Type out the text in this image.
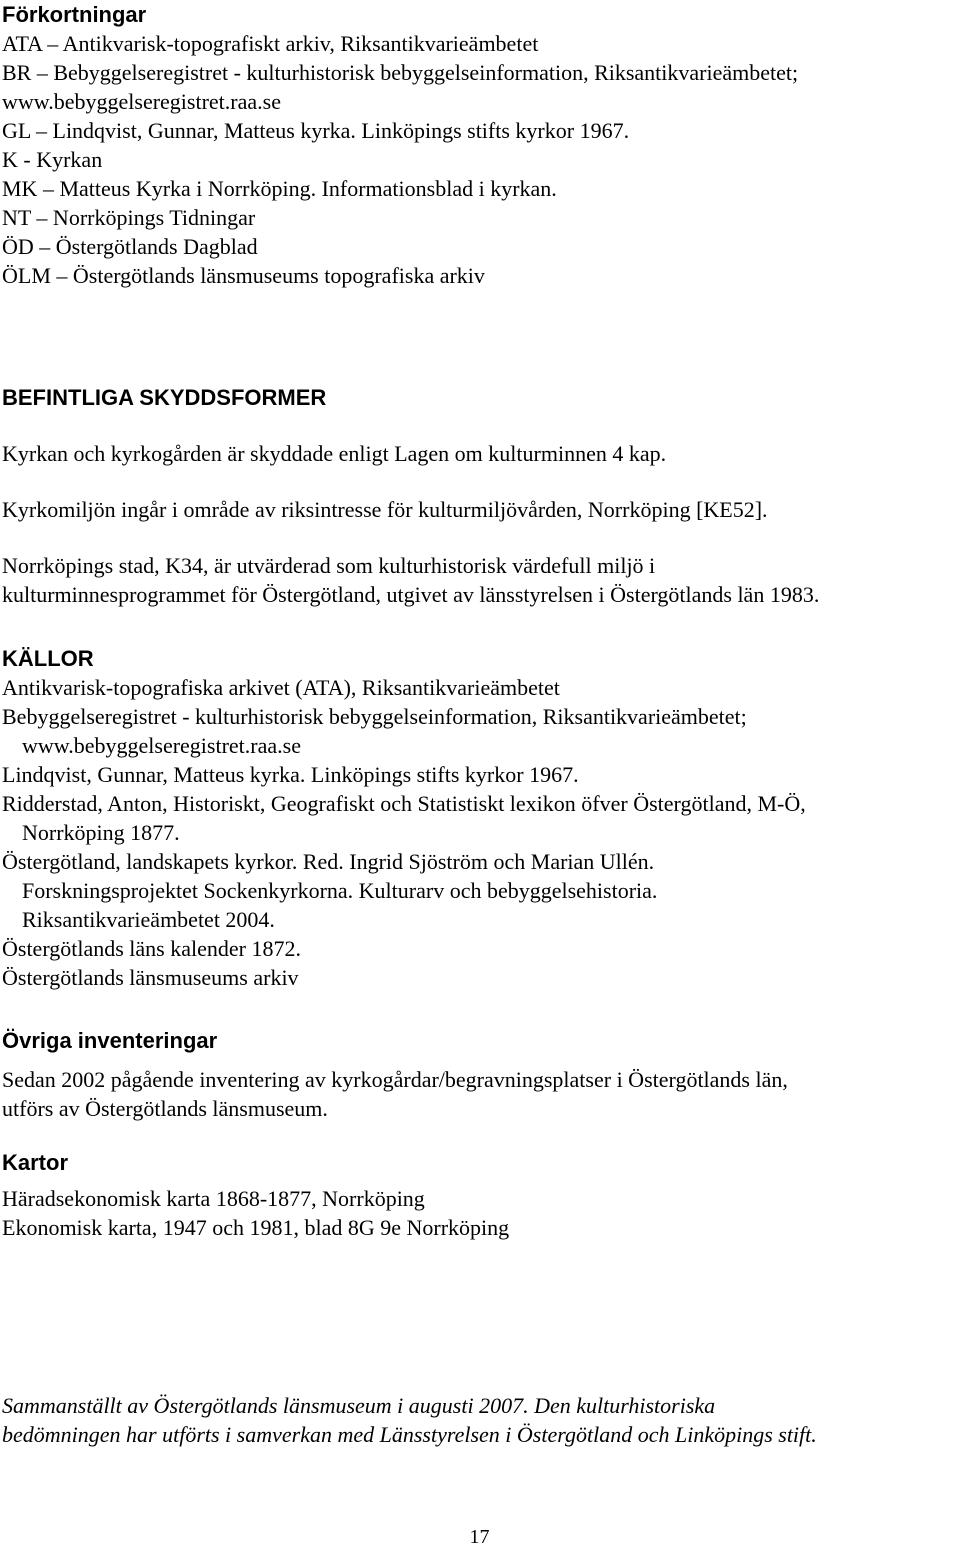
Förkortningar
ATA – Antikvarisk-topografiskt arkiv, Riksantikvarieämbetet
BR – Bebyggelseregistret - kulturhistorisk bebyggelseinformation, Riksantikvarieämbetet;
www.bebyggelseregistret.raa.se
GL – Lindqvist, Gunnar, Matteus kyrka. Linköpings stifts kyrkor 1967.
K - Kyrkan
MK – Matteus Kyrka i Norrköping. Informationsblad i kyrkan.
NT – Norrköpings Tidningar
ÖD – Östergötlands Dagblad
ÖLM – Östergötlands länsmuseums topografiska arkiv
BEFINTLIGA SKYDDSFORMER
Kyrkan och kyrkogården är skyddade enligt Lagen om kulturminnen 4 kap.
Kyrkomiljön ingår i område av riksintresse för kulturmiljövården, Norrköping [KE52].
Norrköpings stad, K34, är utvärderad som kulturhistorisk värdefull miljö i
kulturminnesprogrammet för Östergötland, utgivet av länsstyrelsen i Östergötlands län 1983.
KÄLLOR
Antikvarisk-topografiska arkivet (ATA), Riksantikvarieämbetet
Bebyggelseregistret - kulturhistorisk bebyggelseinformation, Riksantikvarieämbetet;
www.bebyggelseregistret.raa.se
Lindqvist, Gunnar, Matteus kyrka. Linköpings stifts kyrkor 1967.
Ridderstad, Anton, Historiskt, Geografiskt och Statistiskt lexikon öfver Östergötland, M-Ö,
Norrköping 1877.
Östergötland, landskapets kyrkor. Red. Ingrid Sjöström och Marian Ullén.
Forskningsprojektet Sockenkyrkorna. Kulturarv och bebyggelsehistoria.
Riksantikvarieämbetet 2004.
Östergötlands läns kalender 1872.
Östergötlands länsmuseums arkiv
Övriga inventeringar
Sedan 2002 pågående inventering av kyrkogårdar/begravningsplatser i Östergötlands län,
utförs av Östergötlands länsmuseum.
Kartor
Häradsekonomisk karta 1868-1877, Norrköping
Ekonomisk karta, 1947 och 1981, blad 8G 9e Norrköping
Sammanställt av Östergötlands länsmuseum i augusti 2007. Den kulturhistoriska
bedömningen har utförts i samverkan med Länsstyrelsen i Östergötland och Linköpings stift.
17
